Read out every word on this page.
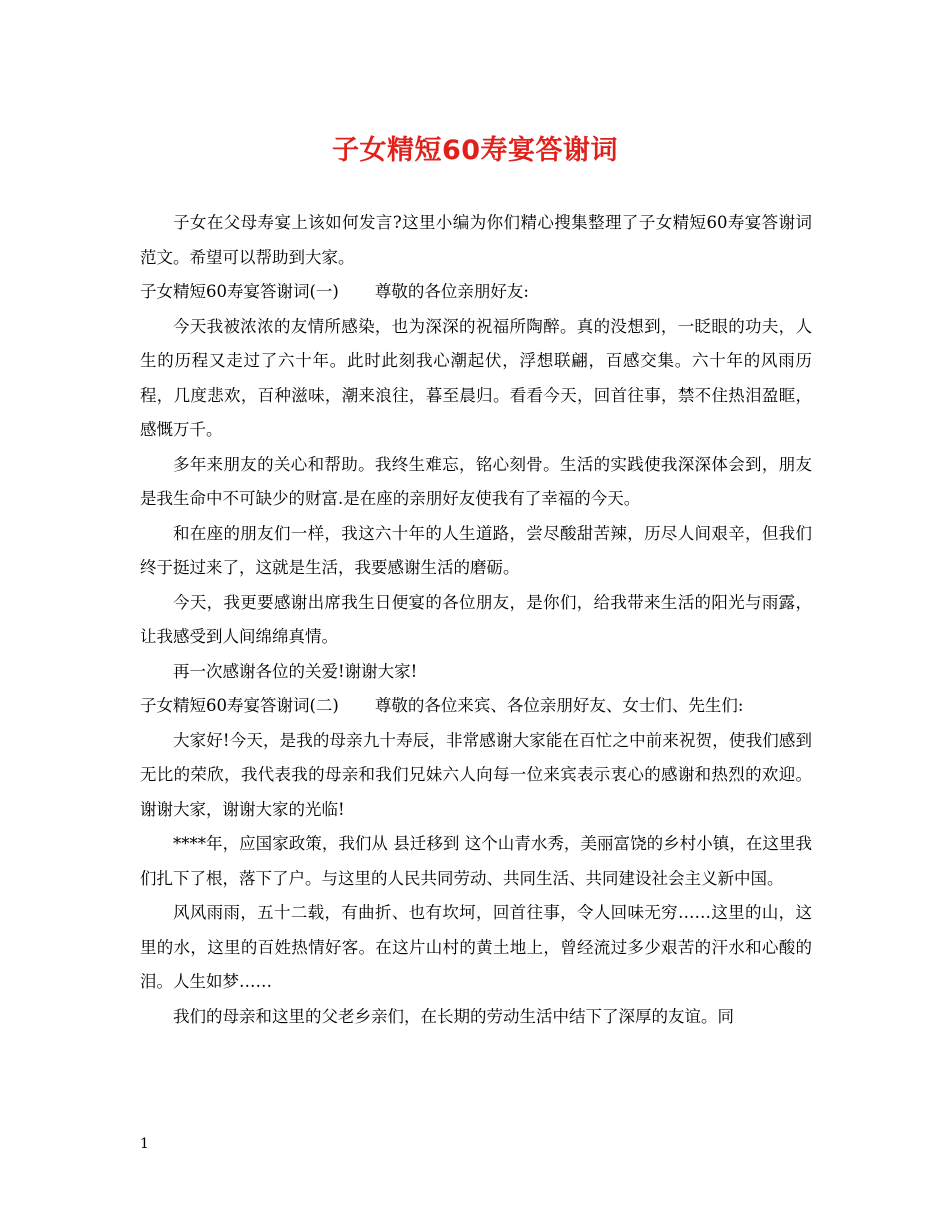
子女精短60寿宴答谢词

子女在父母寿宴上该如何发言?这里小编为你们精心搜集整理了子女精短60寿宴答谢词范文。希望可以帮助到大家。

子女精短60寿宴答谢词(一) 尊敬的各位亲朋好友:

今天我被浓浓的友情所感染，也为深深的祝福所陶醉。真的没想到，一眨眼的功夫，人生的历程又走过了六十年。此时此刻我心潮起伏，浮想联翩，百感交集。六十年的风雨历程，几度悲欢，百种滋味，潮来浪往，暮至晨归。看看今天，回首往事，禁不住热泪盈眶，感慨万千。

多年来朋友的关心和帮助。我终生难忘，铭心刻骨。生活的实践使我深深体会到，朋友是我生命中不可缺少的财富.是在座的亲朋好友使我有了幸福的今天。

和在座的朋友们一样，我这六十年的人生道路，尝尽酸甜苦辣，历尽人间艰辛，但我们终于挺过来了，这就是生活，我要感谢生活的磨砺。

今天，我更要感谢出席我生日便宴的各位朋友，是你们，给我带来生活的阳光与雨露，让我感受到人间绵绵真情。

再一次感谢各位的关爱!谢谢大家!

子女精短60寿宴答谢词(二) 尊敬的各位来宾、各位亲朋好友、女士们、先生们:

大家好!今天，是我的母亲九十寿辰，非常感谢大家能在百忙之中前来祝贺，使我们感到无比的荣欣，我代表我的母亲和我们兄妹六人向每一位来宾表示衷心的感谢和热烈的欢迎。谢谢大家，谢谢大家的光临!

****年，应国家政策，我们从 县迁移到 这个山青水秀，美丽富饶的乡村小镇，在这里我们扎下了根，落下了户。与这里的人民共同劳动、共同生活、共同建设社会主义新中国。

风风雨雨，五十二载，有曲折、也有坎坷，回首往事，令人回味无穷……这里的山，这里的水，这里的百姓热情好客。在这片山村的黄土地上，曾经流过多少艰苦的汗水和心酸的泪。人生如梦……

我们的母亲和这里的父老乡亲们，在长期的劳动生活中结下了深厚的友谊。同

1
